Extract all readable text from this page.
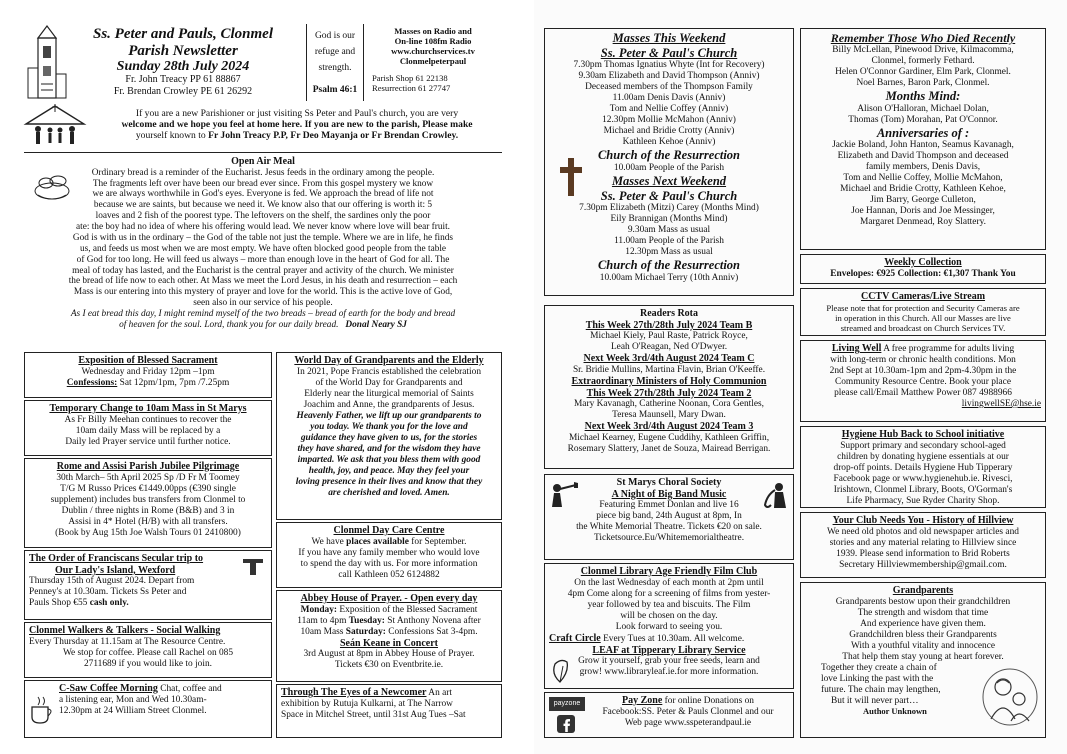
Ss. Peter and Pauls, Clonmel
Parish Newsletter
Sunday 28th July 2024
Fr. John Treacy PP 61 88867
Fr. Brendan Crowley PE 61 26292
God is our
refuge and
strength.
Psalm 46:1
Masses on Radio and
On-line 108fm Radio
www.churchservices.tv
Clonmelpeterpaul
Parish Shop 61 22138
Resurrection 61 27747
If you are a new Parishioner or just visiting Ss Peter and Paul's church, you are very
welcome and we hope you feel at home here. If you are new to the parish, Please make
yourself known to Fr John Treacy P.P, Fr Deo Mayanja or Fr Brendan Crowley.
Open Air Meal
Ordinary bread is a reminder of the Eucharist. Jesus feeds in the ordinary among the people.
The fragments left over have been our bread ever since. From this gospel mystery we know
we are always worthwhile in God's eyes. Everyone is fed. We approach the bread of life not
because we are saints, but because we need it. We know also that our offering is worth it: 5
loaves and 2 fish of the poorest type. The leftovers on the shelf, the sardines only the poor
ate: the boy had no idea of where his offering would lead. We never know where love will bear fruit.
God is with us in the ordinary – the God of the table not just the temple. Where we are in life, he finds
us, and feeds us most when we are most empty. We have often blocked good people from the table
of God for too long. He will feed us always – more than enough love in the heart of God for all. The
meal of today has lasted, and the Eucharist is the central prayer and activity of the church. We minister
the bread of life now to each other. At Mass we meet the Lord Jesus, in his death and resurrection – each
Mass is our entering into this mystery of prayer and love for the world. This is the active love of God,
seen also in our service of his people.
As I eat bread this day, I might remind myself of the two breads – bread of earth for the body and bread
of heaven for the soul. Lord, thank you for our daily bread. Donal Neary SJ
Exposition of Blessed Sacrament
Wednesday and Friday 12pm –1pm
Confessions: Sat 12pm/1pm, 7pm /7.25pm
Temporary Change to 10am Mass in St Marys
As Fr Billy Meehan continues to recover the
10am daily Mass will be replaced by a
Daily led Prayer service until further notice.
Rome and Assisi Parish Jubilee Pilgrimage
30th March– 5th April 2025 Sp /D Fr M Toomey
T/G M Russo Prices €1449.00pps (€390 single
supplement) includes bus transfers from Clonmel to
Dublin / three nights in Rome (B&B) and 3 in
Assisi in 4* Hotel (H/B) with all transfers.
(Book by Aug 15th Joe Walsh Tours 01 2410800)
The Order of Franciscans Secular trip to
Our Lady's Island, Wexford
Thursday 15th of August 2024. Depart from
Penney's at 10.30am. Tickets Ss Peter and
Pauls Shop €55 cash only.
Clonmel Walkers & Talkers - Social Walking
Every Thursday at 11.15am at The Resource Centre.
We stop for coffee. Please call Rachel on 085
2711689 if you would like to join.
C-Saw Coffee Morning Chat, coffee and
a listening ear, Mon and Wed 10.30am-
12.30pm at 24 William Street Clonmel.
World Day of Grandparents and the Elderly
In 2021, Pope Francis established the celebration
of the World Day for Grandparents and
Elderly near the liturgical memorial of Saints
Joachim and Anne, the grandparents of Jesus.
Heavenly Father, we lift up our grandparents to
you today. We thank you for the love and
guidance they have given to us, for the stories
they have shared, and for the wisdom they have
imparted. We ask that you bless them with good
health, joy, and peace. May they feel your
loving presence in their lives and know that they
are cherished and loved. Amen.
Clonmel Day Care Centre
We have places available for September.
If you have any family member who would love
to spend the day with us. For more information
call Kathleen 052 6124882
Abbey House of Prayer. - Open every day
Monday: Exposition of the Blessed Sacrament
11am to 4pm Tuesday: St Anthony Novena after
10am Mass Saturday: Confessions Sat 3-4pm.
Seán Keane in Concert
3rd August at 8pm in Abbey House of Prayer.
Tickets €30 on Eventbrite.ie.
Through The Eyes of a Newcomer An art
exhibition by Rutuja Kulkarni, at The Narrow
Space in Mitchel Street, until 31st Aug Tues –Sat
Masses This Weekend
Ss. Peter & Paul's Church
7.30pm Thomas Ignatius Whyte (Int for Recovery)
9.30am Elizabeth and David Thompson (Anniv)
Deceased members of the Thompson Family
11.00am Denis Davis (Anniv)
Tom and Nellie Coffey (Anniv)
12.30pm Mollie McMahon (Anniv)
Michael and Bridie Crotty (Anniv)
Kathleen Kehoe (Anniv)
Church of the Resurrection
10.00am People of the Parish
Masses Next Weekend
Ss. Peter & Paul's Church
7.30pm Elizabeth (Mitzi) Carey (Months Mind)
Eily Brannigan (Months Mind)
9.30am Mass as usual
11.00am People of the Parish
12.30pm Mass as usual
Church of the Resurrection
10.00am Michael Terry (10th Anniv)
Readers Rota
This Week 27th/28th July 2024 Team B
Michael Kiely, Paul Raste, Patrick Royce,
Leah O'Reagan, Ned O'Dwyer.
Next Week 3rd/4th August 2024 Team C
Sr. Bridie Mullins, Martina Flavin, Brian O'Keeffe.
Extraordinary Ministers of Holy Communion
This Week 27th/28th July 2024 Team 2
Mary Kavanagh, Catherine Noonan, Cora Gentles,
Teresa Maunsell, Mary Dwan.
Next Week 3rd/4th August 2024 Team 3
Michael Kearney, Eugene Cuddihy, Kathleen Griffin,
Rosemary Slattery, Janet de Souza, Mairead Berrigan.
St Marys Choral Society
A Night of Big Band Music
Featuring Emmet Donlan and live 16
piece big band, 24th August at 8pm, In
the White Memorial Theatre. Tickets €20 on sale.
Ticketsource.Eu/Whitememorialtheatre.
Clonmel Library Age Friendly Film Club
On the last Wednesday of each month at 2pm until
4pm Come along for a screening of films from yester-
year followed by tea and biscuits. The Film
will be chosen on the day.
Look forward to seeing you.
Craft Circle Every Tues at 10.30am. All welcome.
LEAF at Tipperary Library Service
Grow it yourself, grab your free seeds, learn and
grow! www.libraryleaf.ie.for more information.
payzone	Pay Zone for online Donations on
Facebook:SS. Peter & Pauls Clonmel and our
Web page www.sspeterandpaul.ie
Remember Those Who Died Recently
Billy McLellan, Pinewood Drive, Kilmacomma,
Clonmel, formerly Fethard.
Helen O'Connor Gardiner, Elm Park, Clonmel.
Noel Barnes, Baron Park, Clonmel.
Months Mind:
Alison O'Halloran, Michael Dolan,
Thomas (Tom) Morahan, Pat O'Connor.
Anniversaries of :
Jackie Boland, John Hanton, Seamus Kavanagh,
Elizabeth and David Thompson and deceased
family members, Denis Davis,
Tom and Nellie Coffey, Mollie McMahon,
Michael and Bridie Crotty, Kathleen Kehoe,
Jim Barry, George Culleton,
Joe Hannan, Doris and Joe Messinger,
Margaret Denmead, Roy Slattery.
Weekly Collection
Envelopes: €925 Collection: €1,307 Thank You
CCTV Cameras/Live Stream
Please note that for protection and Security Cameras are
in operation in this Church. All our Masses are live
streamed and broadcast on Church Services TV.
Living Well A free programme for adults living
with long-term or chronic health conditions. Mon
2nd Sept at 10.30am-1pm and 2pm-4.30pm in the
Community Resource Centre. Book your place
please call/Email Matthew Power 087 4988966
livingwellSE@hse.ie
Hygiene Hub Back to School initiative
Support primary and secondary school-aged
children by donating hygiene essentials at our
drop-off points. Details Hygiene Hub Tipperary
Facebook page or www.hygienehub.ie. Rivesci,
Irishtown, Clonmel Library, Boots, O'Gorman's
Life Pharmacy, Sue Ryder Charity Shop.
Your Club Needs You - History of Hillview
We need old photos and old newspaper articles and
stories and any material relating to Hillview since
1939. Please send information to Brid Roberts
Secretary Hillviewmembership@gmail.com.
Grandparents
Grandparents bestow upon their grandchildren
The strength and wisdom that time
And experience have given them.
Grandchildren bless their Grandparents
With a youthful vitality and innocence
That help them stay young at heart forever.
Together they create a chain of
love Linking the past with the
future. The chain may lengthen,
But it will never part…
Author Unknown
